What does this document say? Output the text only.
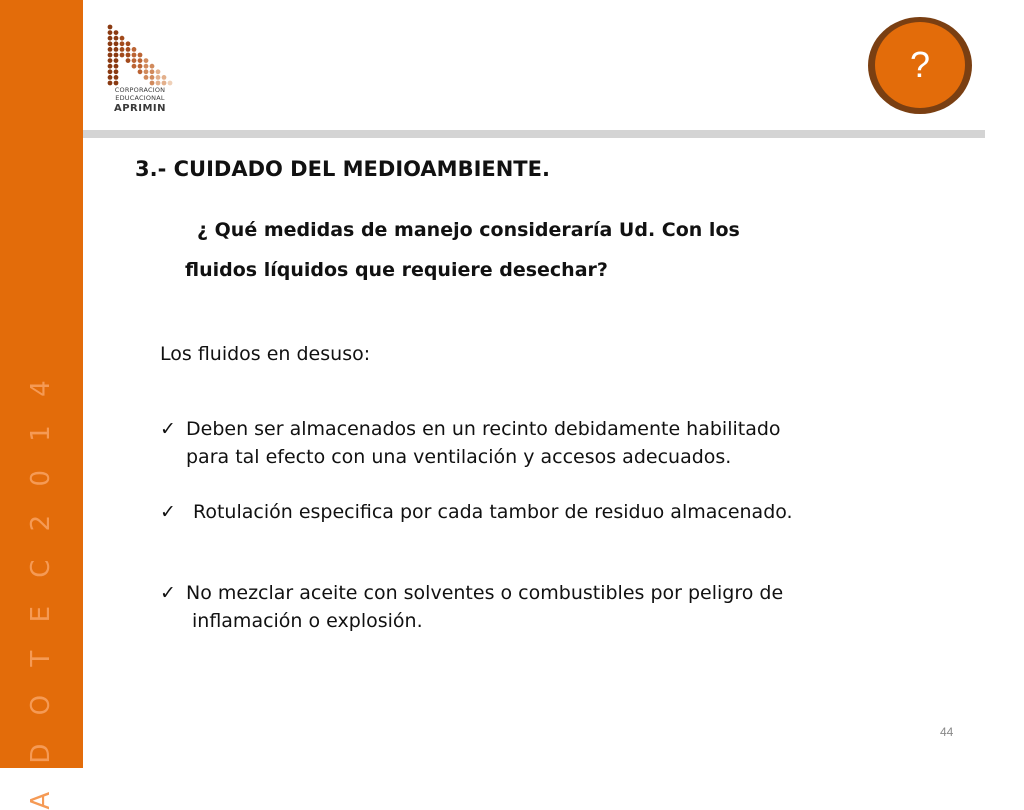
A D O T E C 2 0 1 4
CORPORACION
EDUCACIONAL
APRIMIN
?
3.- CUIDADO DEL MEDIOAMBIENTE.
¿ Qué medidas de manejo consideraría Ud. Con los
fluidos líquidos que requiere desechar?
Los fluidos en desuso:
✓ Deben ser almacenados en un recinto debidamente habilitado
para tal efecto con una ventilación y accesos adecuados.
✓ Rotulación especifica por cada tambor de residuo almacenado.
✓ No mezclar aceite con solventes o combustibles por peligro de
inflamación o explosión.
44
